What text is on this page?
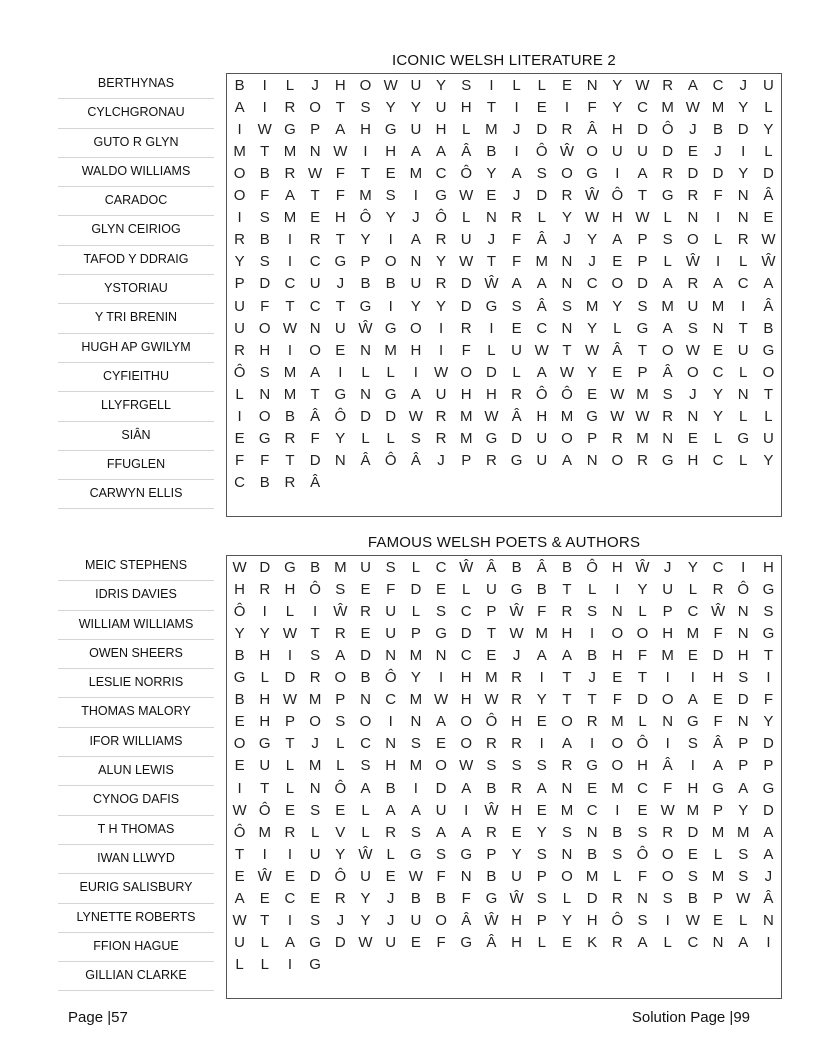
ICONIC WELSH LITERATURE 2
BERTHYNAS
CYLCHGRONAU
GUTO R GLYN
WALDO WILLIAMS
CARADOC
GLYN CEIRIOG
TAFOD Y DDRAIG
YSTORIAU
Y TRI BRENIN
HUGH AP GWILYM
CYFIEITHU
LLYFRGELL
SIÂN
FFUGLEN
CARWYN ELLIS
B	I	L	J	H O W U Y	S	I	L	L	E N Y W R A C	J	U
A	I	R O T	S	Y	Y U H	T	I	E	I	F	Y C M W M Y	L
I	W G P	A H G U H	L M	J	D R Â H D Ô	J	B D Y
M T M N W	I	H A	A	Â	B	I	Ô Ŵ O U U D E	J	I	L
O B R W F	T	E M C Ô Y	A	S O G	I	A R D D Y D
O F	A	T	F M S	I	G W E	J	D R Ŵ Ô T G R	F	N Â
I	S M E H Ô Y	J	Ô	L	N R	L	Y W H W L	N	I	N E
R B	I	R	T	Y	I	A R U	J	F	Â	J	Y	A	P	S O	L	R W
Y	S	I	C G P O N Y W T	F M N	J	E	P	L Ŵ	I	L Ŵ
P D C U	J	B	B U R D Ŵ A	A N C O D A R A C A
U	F	T	C	T G	I	Y	Y D G S	Â	S M Y	S M U M	I	Â
U O W N U Ŵ G O	I	R	I	E C N Y	L	G A	S N	T	B
R H	I	O E N M H	I	F	L	U W T W Â	T O W E U G
Ô S M A	I	L	L	I	W O D	L	A W Y	E	P	Â O C	L	O
L	N M T G N G A U H H R Ô Ô E W M S	J	Y N	T
I	O B	Â Ô D D W R M W Â H M G W W R N Y	L	L
E G R	F	Y	L	L	S R M G D U O P R M N E	L	G U
F	F	T	D N Â Ô Â	J	P R G U A N O R G H C	L	Y
C B R Â
FAMOUS WELSH POETS & AUTHORS
MEIC STEPHENS
IDRIS DAVIES
WILLIAM WILLIAMS
OWEN SHEERS
LESLIE NORRIS
THOMAS MALORY
IFOR WILLIAMS
ALUN LEWIS
CYNOG DAFIS
T H THOMAS
IWAN LLWYD
EURIG SALISBURY
LYNETTE ROBERTS
FFION HAGUE
GILLIAN CLARKE
W D G B M U S	L	C Ŵ Â	B	Â	B Ô H Ŵ J	Y C	I	H
H R H Ô S	E	F	D E	L	U G B	T	L	I	Y U	L	R Ô G
Ô	I	L	I	Ŵ R U	L	S C P Ŵ F	R S N	L	P C Ŵ N S
Y	Y W T	R E U P G D	T W M H	I	O O H M F	N G
B H	I	S	A D N M N C E	J	A	A	B H	F M E D H	T
G	L	D R O B Ô Y	I	H M R	I	T	J	E	T	I	I	H S	I
B H W M P N C M W H W R Y	T	T	F	D O A	E D	F
E H P O S O	I	N A O Ô H E O R M L	N G F	N Y
O G T	J	L	C N S	E O R R	I	A	I	O Ô	I	S	Â	P D
E U	L M L	S H M O W S	S	S R G O H Â	I	A	P	P
I	T	L	N Ô A	B	I	D A	B R A N E M C	F	H G A G
W Ô E	S	E	L	A	A U	I	Ŵ H E M C	I	E W M P	Y D
Ô M R	L	V	L	R S	A	A R E	Y	S N B	S R D M M A
T	I	I	U Y Ŵ L	G S G P	Y	S N B	S Ô O E	L	S	A
E Ŵ E D Ô U E W F	N B U P O M L	F O S M S	J
A	E C E R Y	J	B	B	F G Ŵ S	L	D R N S	B	P W Â
W T	I	S	J	Y	J	U O Â Ŵ H P	Y H Ô S	I	W E	L	N
U	L	A G D W U E	F G Â H	L	E	K R A	L	C N A	I
L	L	I	G
Page |57	Solution Page |99
